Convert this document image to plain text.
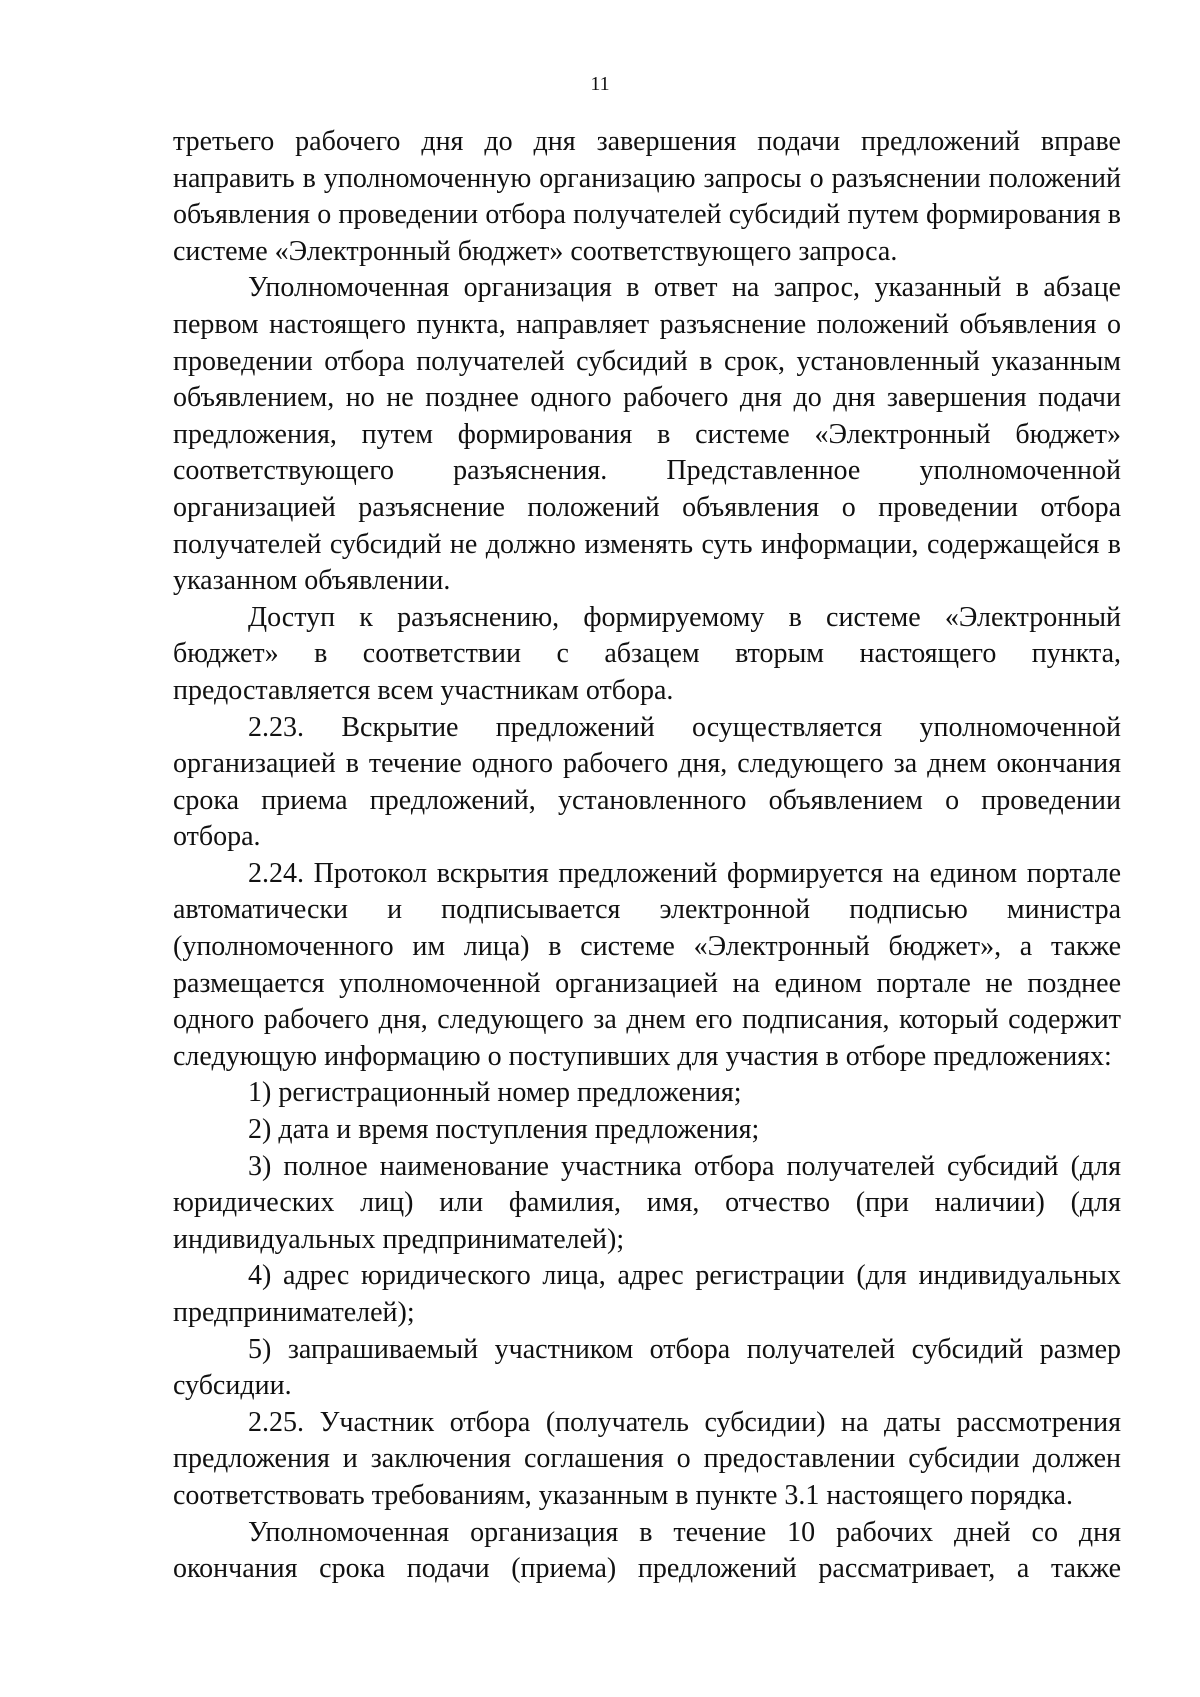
11

третьего рабочего дня до дня завершения подачи предложений вправе направить в уполномоченную организацию запросы о разъяснении положений объявления о проведении отбора получателей субсидий путем формирования в системе «Электронный бюджет» соответствующего запроса.

Уполномоченная организация в ответ на запрос, указанный в абзаце первом настоящего пункта, направляет разъяснение положений объявления о проведении отбора получателей субсидий в срок, установленный указанным объявлением, но не позднее одного рабочего дня до дня завершения подачи предложения, путем формирования в системе «Электронный бюджет» соответствующего разъяснения. Представленное уполномоченной организацией разъяснение положений объявления о проведении отбора получателей субсидий не должно изменять суть информации, содержащейся в указанном объявлении.

Доступ к разъяснению, формируемому в системе «Электронный бюджет» в соответствии с абзацем вторым настоящего пункта, предоставляется всем участникам отбора.

2.23. Вскрытие предложений осуществляется уполномоченной организацией в течение одного рабочего дня, следующего за днем окончания срока приема предложений, установленного объявлением о проведении отбора.

2.24. Протокол вскрытия предложений формируется на едином портале автоматически и подписывается электронной подписью министра (уполномоченного им лица) в системе «Электронный бюджет», а также размещается уполномоченной организацией на едином портале не позднее одного рабочего дня, следующего за днем его подписания, который содержит следующую информацию о поступивших для участия в отборе предложениях:

1) регистрационный номер предложения;

2) дата и время поступления предложения;

3) полное наименование участника отбора получателей субсидий (для юридических лиц) или фамилия, имя, отчество (при наличии) (для индивидуальных предпринимателей);

4) адрес юридического лица, адрес регистрации (для индивидуальных предпринимателей);

5) запрашиваемый участником отбора получателей субсидий размер субсидии.

2.25. Участник отбора (получатель субсидии) на даты рассмотрения предложения и заключения соглашения о предоставлении субсидии должен соответствовать требованиям, указанным в пункте 3.1 настоящего порядка.

Уполномоченная организация в течение 10 рабочих дней со дня окончания срока подачи (приема) предложений рассматривает, а также
